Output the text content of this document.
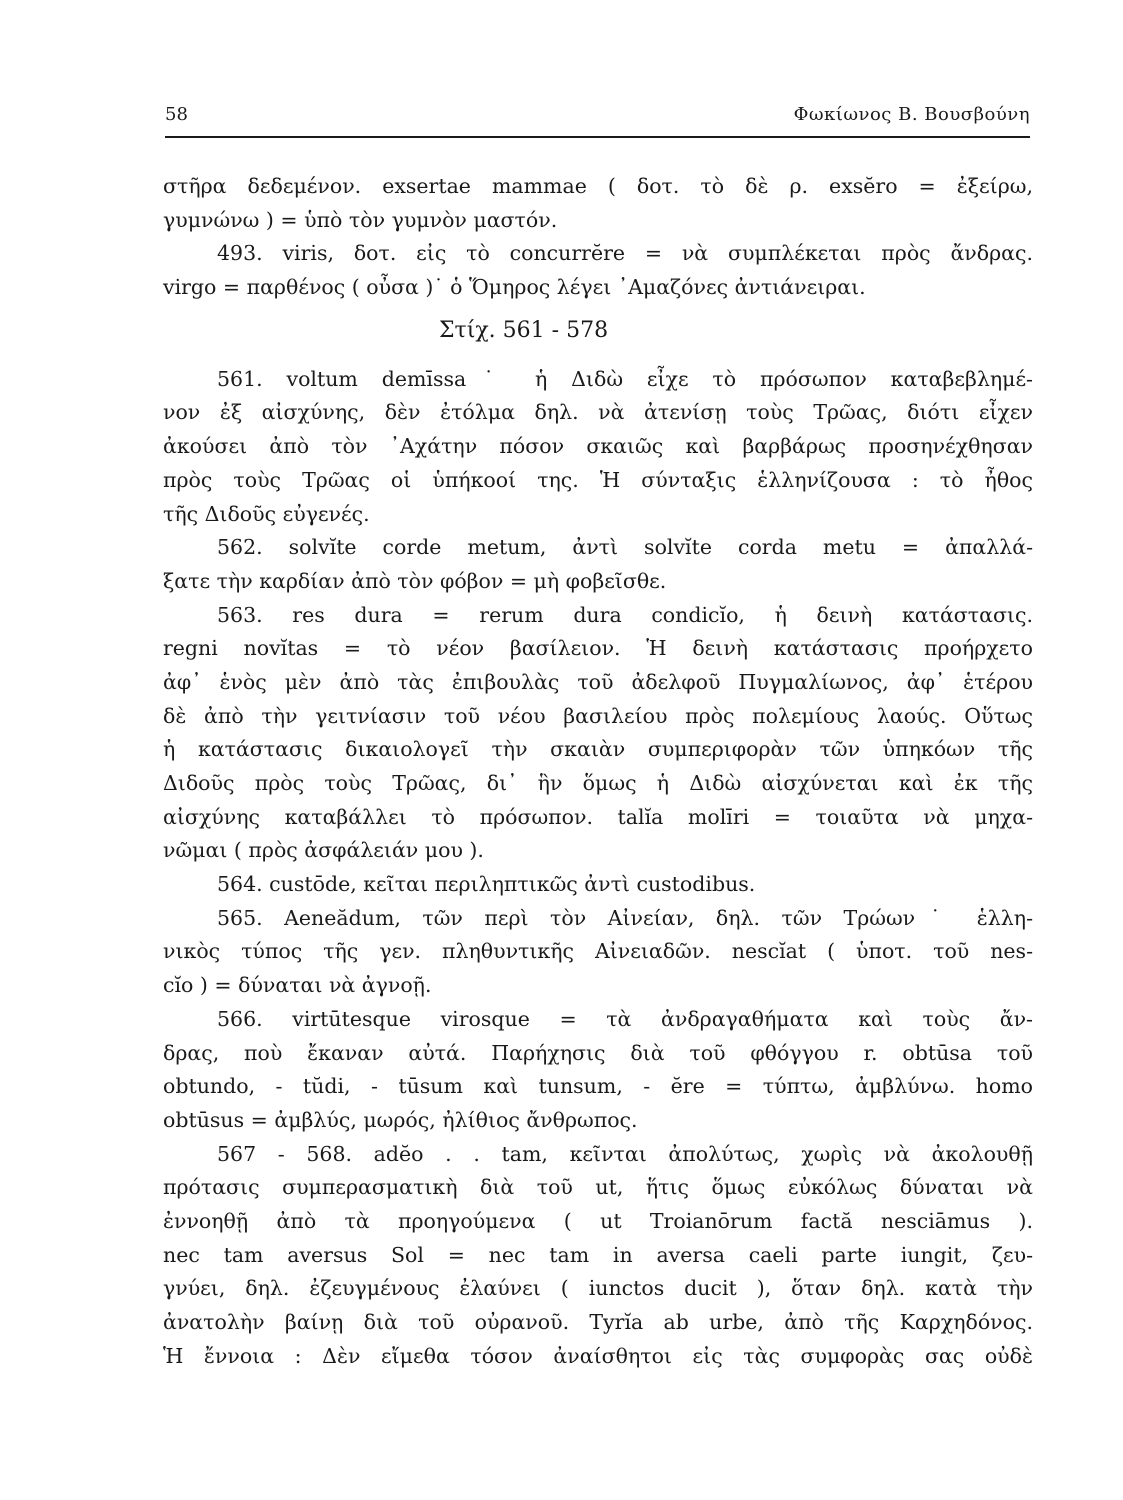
58	Φωκίωνος Β. Βουσβούνη
στῆρα δεδεμένον. exsertae mammae ( δοτ. τὸ δὲ ρ. exsĕro = ἐξείρω,
γυμνώνω ) = ὑπὸ τὸν γυμνὸν μαστόν.
493. viris, δοτ. εἰς τὸ concurrĕre = νὰ συμπλέκεται πρὸς ἄνδρας.
virgo = παρθένος ( οὖσα )˙ ὁ Ὅμηρος λέγει ᾿Αμαζόνες ἀντιάνειραι.
Στίχ. 561 - 578
561. voltum demīssa˙ ἡ Διδὼ εἶχε τὸ πρόσωπον καταβεβλημέ-
νον ἐξ αἰσχύνης, δὲν ἐτόλμα δηλ. νὰ ἀτενίσῃ τοὺς Τρῶας, διότι εἶχεν
ἀκούσει ἀπὸ τὸν ᾿Αχάτην πόσον σκαιῶς καὶ βαρβάρως προσηνέχθησαν
πρὸς τοὺς Τρῶας οἱ ὑπήκοοί της. Ἡ σύνταξις ἑλληνίζουσα : τὸ ἦθος
τῆς Διδοῦς εὐγενές.
562. solvĭte corde metum, ἀντὶ solvĭte corda metu = ἀπαλλά-
ξατε τὴν καρδίαν ἀπὸ τὸν φόβον = μὴ φοβεῖσθε.
563. res dura = rerum dura condicĭo, ἡ δεινὴ κατάστασις.
regni novĭtas = τὸ νέον βασίλειον. Ἡ δεινὴ κατάστασις προήρχετο
ἀφ᾿ ἑνὸς μὲν ἀπὸ τὰς ἐπιβουλὰς τοῦ ἀδελφοῦ Πυγμαλίωνος, ἀφ᾿ ἑτέρου
δὲ ἀπὸ τὴν γειτνίασιν τοῦ νέου βασιλείου πρὸς πολεμίους λαούς. Οὕτως
ἡ κατάστασις δικαιολογεῖ τὴν σκαιὰν συμπεριφορὰν τῶν ὑπηκόων τῆς
Διδοῦς πρὸς τοὺς Τρῶας, δι᾿ ἣν ὅμως ἡ Διδὼ αἰσχύνεται καὶ ἐκ τῆς
αἰσχύνης καταβάλλει τὸ πρόσωπον. talĭa molīri = τοιαῦτα νὰ μηχα-
νῶμαι ( πρὸς ἀσφάλειάν μου ).
564. custōde, κεῖται περιληπτικῶς ἀντὶ custodibus.
565. Aeneădum, τῶν περὶ τὸν Αἰνείαν, δηλ. τῶν Τρώων˙ ἑλλη-
νικὸς τύπος τῆς γεν. πληθυντικῆς Αἰνειαδῶν. nescĭat ( ὑποτ. τοῦ nes-
cĭo ) = δύναται νὰ ἀγνοῇ.
566. virtūtesque virosque = τὰ ἀνδραγαθήματα καὶ τοὺς ἄν-
δρας, ποὺ ἔκαναν αὐτά. Παρήχησις διὰ τοῦ φθόγγου r. obtūsa τοῦ
obtundo, - tŭdi, - tūsum καὶ tunsum, - ĕre = τύπτω, ἀμβλύνω. homo
obtūsus = ἀμβλύς, μωρός, ἠλίθιος ἄνθρωπος.
567 - 568. adĕo . . tam, κεῖνται ἀπολύτως, χωρὶς νὰ ἀκολουθῇ
πρότασις συμπερασματικὴ διὰ τοῦ ut, ἥτις ὅμως εὐκόλως δύναται νὰ
ἐννοηθῇ ἀπὸ τὰ προηγούμενα ( ut Troianōrum factă nesciāmus ).
nec tam aversus Sol = nec tam in aversa caeli parte iungit, ζευ-
γνύει, δηλ. ἐζευγμένους ἐλαύνει ( iunctos ducit ), ὅταν δηλ. κατὰ τὴν
ἀνατολὴν βαίνῃ διὰ τοῦ οὐρανοῦ. Tyrĭa ab urbe, ἀπὸ τῆς Καρχηδόνος.
Ἡ ἔννοια : Δὲν εἴμεθα τόσον ἀναίσθητοι εἰς τὰς συμφορὰς σας οὐδὲ
